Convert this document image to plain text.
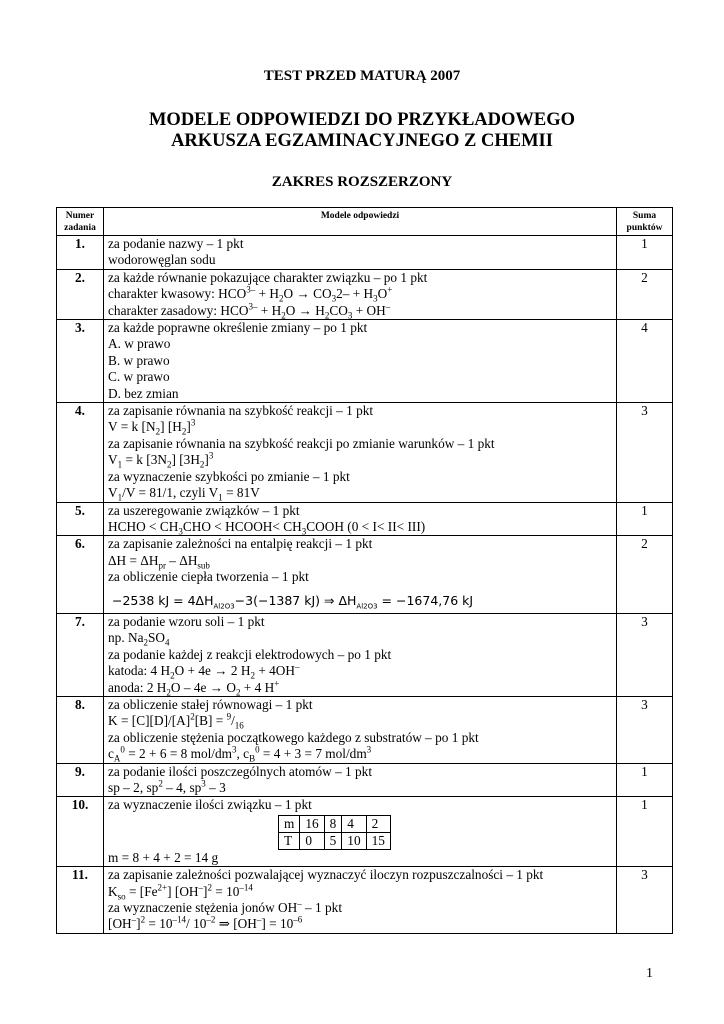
TEST PRZED MATURĄ 2007
MODELE ODPOWIEDZI DO PRZYKŁADOWEGO
ARKUSZA EGZAMINACYJNEGO Z CHEMII
ZAKRES ROZSZERZONY
Numer
zadania
	Modele odpowiedzi	Suma
punktów

1.	za podanie nazwy – 1 pkt
wodorowęglan sodu
	1
2.	za każde równanie pokazujące charakter związku – po 1 pkt
charakter kwasowy: $HCO^{3-} + H_2O \to CO_32- + H_3O^+$
charakter zasadowy: $HCO^{3-} + H_2O \to H_2CO_3 + OH^-$
	2
3.	za każde poprawne określenie zmiany – po 1 pkt
A. w prawo
B. w prawo
C. w prawo
D. bez zmian
	4
4.	za zapisanie równania na szybkość reakcji – 1 pkt
V = k $[N_2]$ $[H_2]^3$
za zapisanie równania na szybkość reakcji po zmianie warunków – 1 pkt
$V_1 = k$ $[3N_2]$ $[3H_2]^3$
za wyznaczenie szybkości po zmianie – 1 pkt
$V_1/V = 81/1$, czyli $V_1 = 81V$
	3
5.	za uszeregowanie związków – 1 pkt
HCHO < $CH_3CHO$ < HCOOH< $CH_3COOH$ (0 < I< II< III)
	1
6.	za zapisanie zależności na entalpię reakcji – 1 pkt
$\Delta H = \Delta H_{pr} - \Delta H_{sub}$
za obliczenie ciepła tworzenia – 1 pkt
−2538 kJ = $4\Delta H_{Al2O3}-3(-1387$ kJ) ⇒ $\Delta H_{Al2O3} = -1674,76$ kJ
	2
7.	za podanie wzoru soli – 1 pkt
np. $Na_2SO_4$
za podanie każdej z reakcji elektrodowych – po 1 pkt
katoda: 4 $H_2O + 4e \to 2$ $H_2 + 4OH^-$
anoda: 2 $H_2O - 4e \to O_2 + 4$ H+
	3
8.	za obliczenie stałej równowagi – 1 pkt
$K = [C][D]/[A]^2[B] = ^9/_{16}$
za obliczenie stężenia początkowego każdego z substratów – po 1 pkt
$c_A^0 = 2 + 6 = 8$ mol/$dm^3$, $c_B^0 = 4 + 3 = 7$ mol/$dm^3$
	3
9.	za podanie ilości poszczególnych atomów – 1 pkt
sp – 2, $sp^2 - 4$, $sp^3 - 3$
	1
10.	za wyznaczenie ilości związku – 1 pkt
m	16	8	4	2
T	0	5	10	15
m = 8 + 4 + 2 = 14 g
	1
11.	za zapisanie zależności pozwalającej wyznaczyć iloczyn rozpuszczalności – 1 pkt
$K_{so} = [Fe^{2+}] [OH^-]^2 = 10^{-14}$
za wyznaczenie stężenia jonów OH– – 1 pkt
$[OH^-]^2 = 10^{-14}/$ $10^{-2}$ ⇒ $[OH^-] = 10^{-6}$
	3
1
